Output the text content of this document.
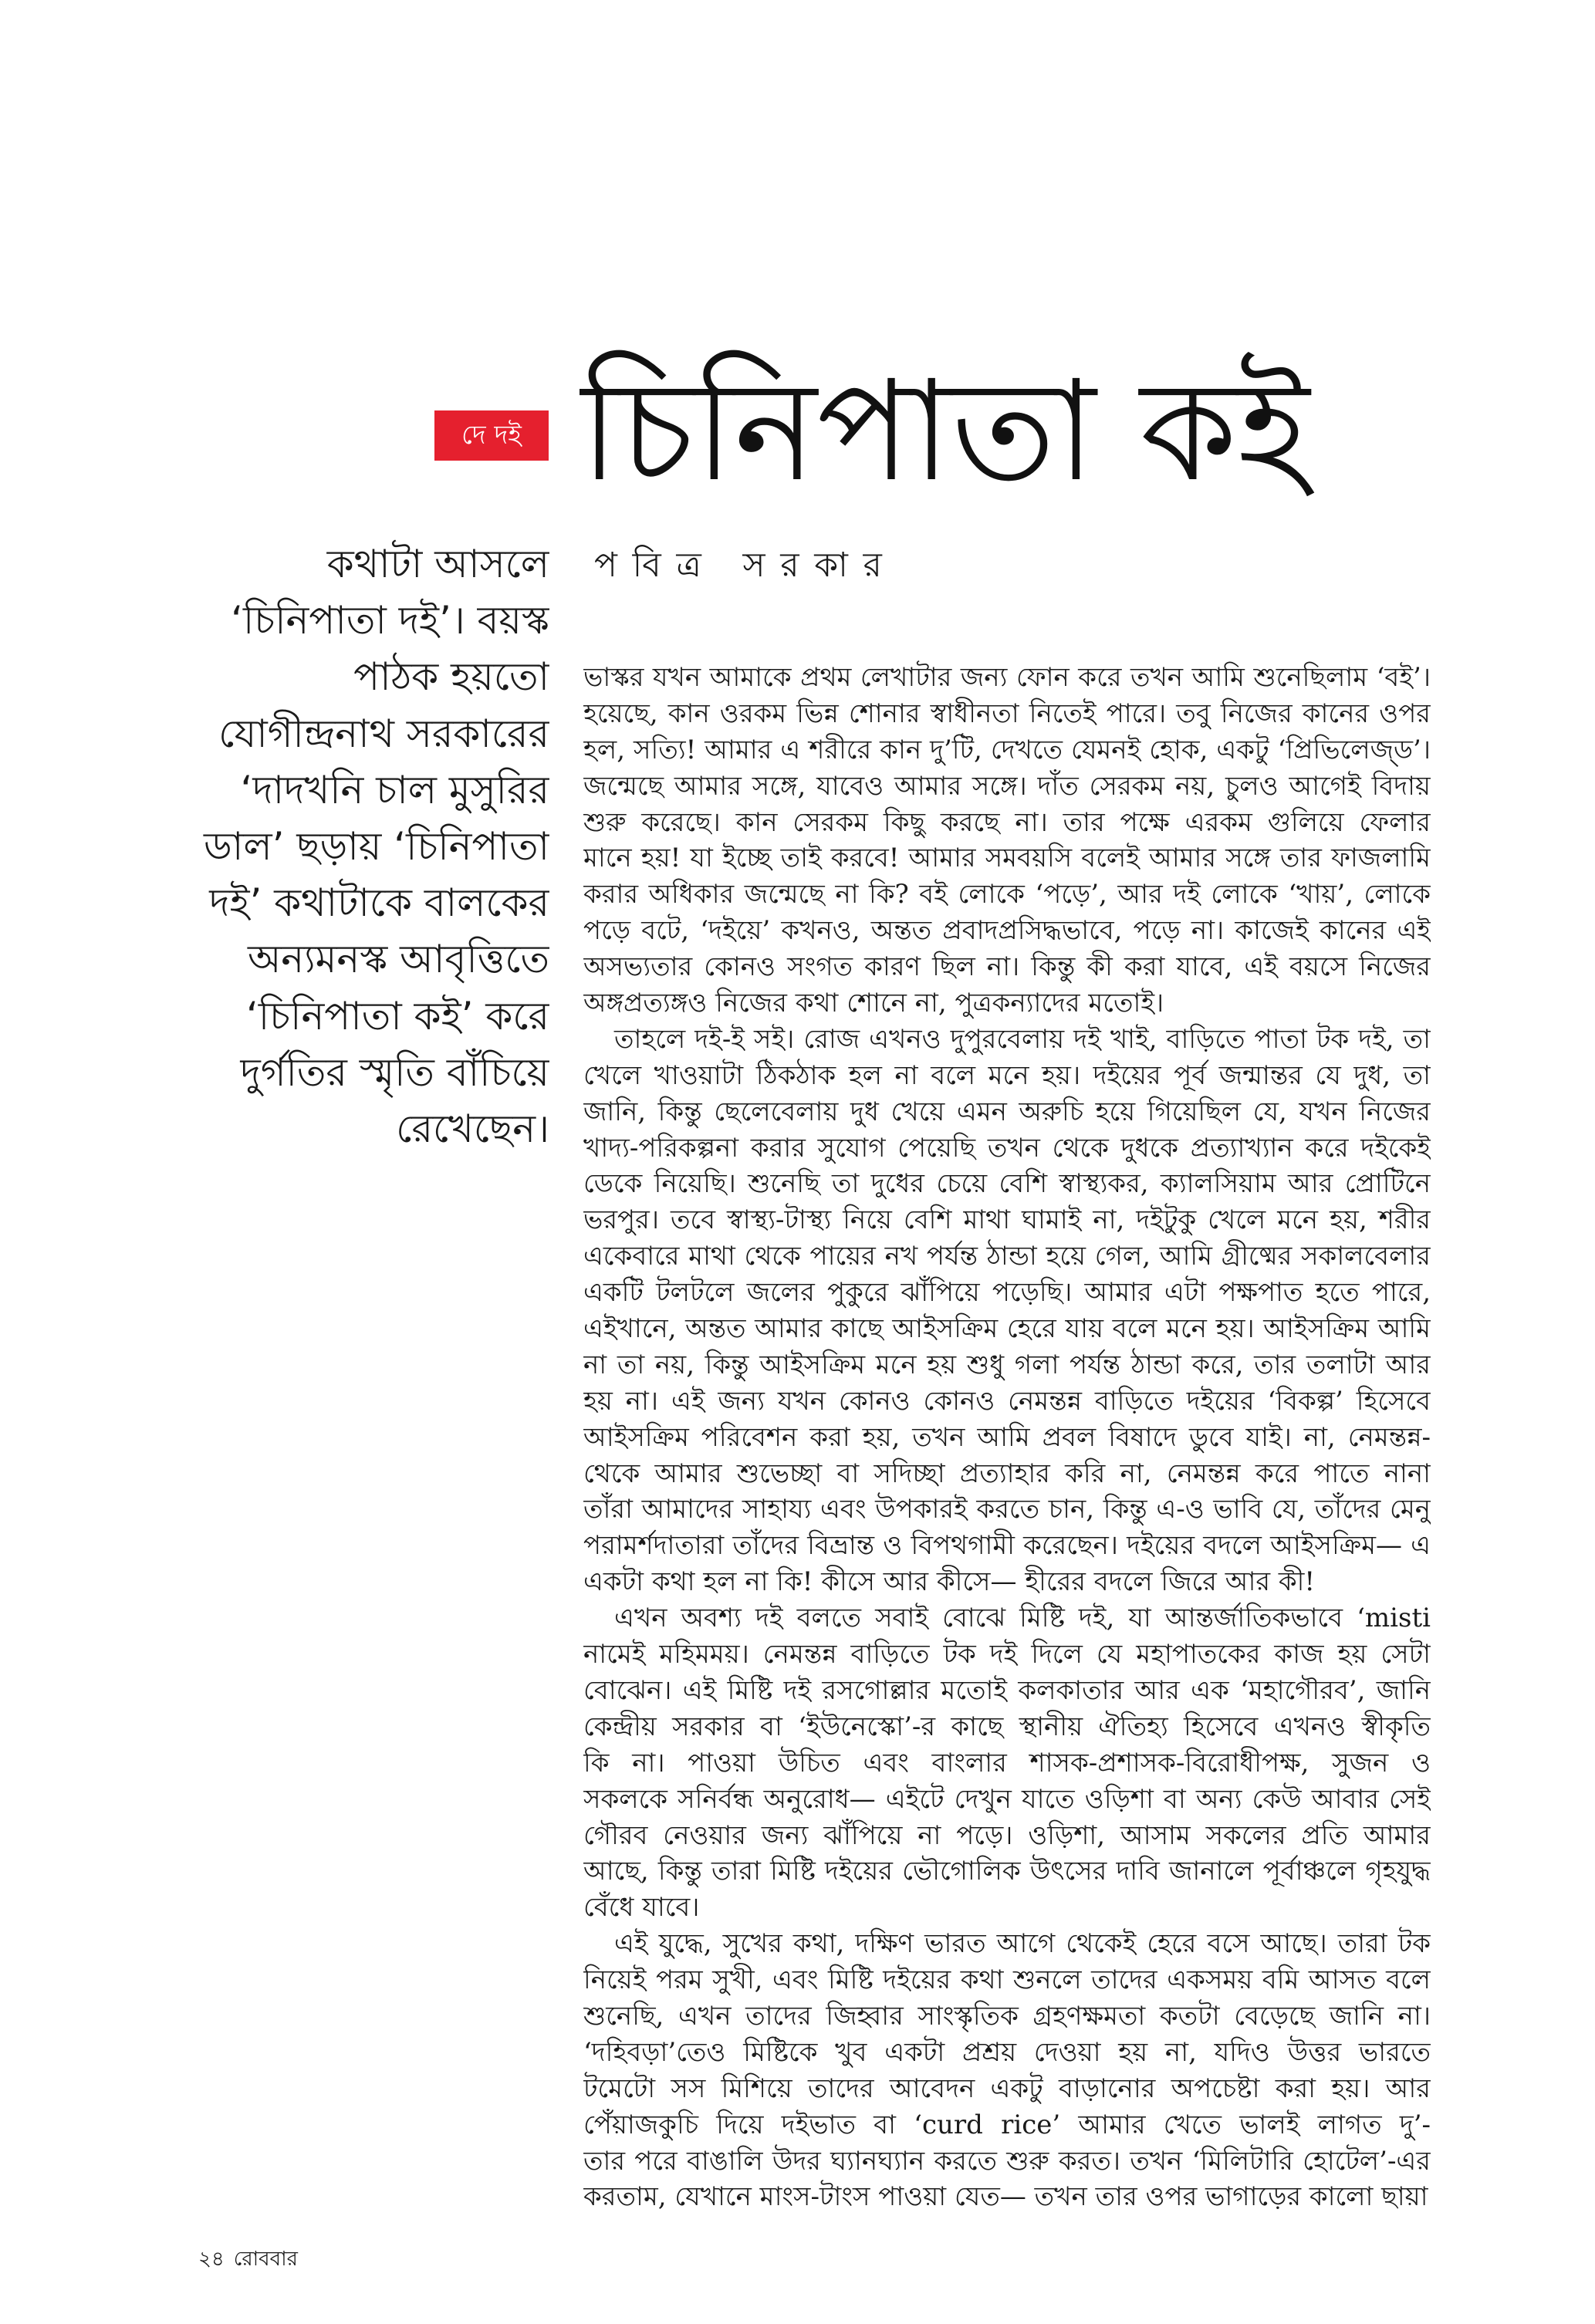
দে দই চিনিপাতা কই
পবিত্র সরকার
কথাটা আসলে
‘চিনিপাতা দই’। বয়স্ক
পাঠক হয়তো
যোগীন্দ্রনাথ সরকারের
‘দাদখনি চাল মুসুরির
ডাল’ ছড়ায় ‘চিনিপাতা
দই’ কথাটাকে বালকের
অন্যমনস্ক আবৃত্তিতে
‘চিনিপাতা কই’ করে
দুর্গতির স্মৃতি বাঁচিয়ে
রেখেছেন।
ভাস্কর যখন আমাকে প্রথম লেখাটার জন্য ফোন করে তখন আমি শুনেছিলাম ‘বই’।
হয়েছে, কান ওরকম ভিন্ন শোনার স্বাধীনতা নিতেই পারে। তবু নিজের কানের ওপর
হল, সত্যি! আমার এ শরীরে কান দু’টি, দেখতে যেমনই হোক, একটু ‘প্রিভিলেজ্‌ড’।
জন্মেছে আমার সঙ্গে, যাবেও আমার সঙ্গে। দাঁত সেরকম নয়, চুলও আগেই বিদায়
শুরু করেছে। কান সেরকম কিছু করছে না। তার পক্ষে এরকম গুলিয়ে ফেলার
মানে হয়! যা ইচ্ছে তাই করবে! আমার সমবয়সি বলেই আমার সঙ্গে তার ফাজলামি
করার অধিকার জন্মেছে না কি? বই লোকে ‘পড়ে’, আর দই লোকে ‘খায়’, লোকে
পড়ে বটে, ‘দইয়ে’ কখনও, অন্তত প্রবাদপ্রসিদ্ধভাবে, পড়ে না। কাজেই কানের এই
অসভ্যতার কোনও সংগত কারণ ছিল না। কিন্তু কী করা যাবে, এই বয়সে নিজের
অঙ্গপ্রত্যঙ্গও নিজের কথা শোনে না, পুত্রকন্যাদের মতোই।
তাহলে দই-ই সই। রোজ এখনও দুপুরবেলায় দই খাই, বাড়িতে পাতা টক দই, তা
খেলে খাওয়াটা ঠিকঠাক হল না বলে মনে হয়। দইয়ের পূর্ব জন্মান্তর যে দুধ, তা
জানি, কিন্তু ছেলেবেলায় দুধ খেয়ে এমন অরুচি হয়ে গিয়েছিল যে, যখন নিজের
খাদ্য-পরিকল্পনা করার সুযোগ পেয়েছি তখন থেকে দুধকে প্রত্যাখ্যান করে দইকেই
ডেকে নিয়েছি। শুনেছি তা দুধের চেয়ে বেশি স্বাস্থ্যকর, ক্যালসিয়াম আর প্রোটিনে
ভরপুর। তবে স্বাস্থ্য-টাস্থ্য নিয়ে বেশি মাথা ঘামাই না, দইটুকু খেলে মনে হয়, শরীর
একেবারে মাথা থেকে পায়ের নখ পর্যন্ত ঠান্ডা হয়ে গেল, আমি গ্রীষ্মের সকালবেলার
একটি টলটলে জলের পুকুরে ঝাঁপিয়ে পড়েছি। আমার এটা পক্ষপাত হতে পারে,
এইখানে, অন্তত আমার কাছে আইসক্রিম হেরে যায় বলে মনে হয়। আইসক্রিম আমি
না তা নয়, কিন্তু আইসক্রিম মনে হয় শুধু গলা পর্যন্ত ঠান্ডা করে, তার তলাটা আর
হয় না। এই জন্য যখন কোনও কোনও নেমন্তন্ন বাড়িতে দইয়ের ‘বিকল্প’ হিসেবে
আইসক্রিম পরিবেশন করা হয়, তখন আমি প্রবল বিষাদে ডুবে যাই। না, নেমন্তন্ন-
থেকে আমার শুভেচ্ছা বা সদিচ্ছা প্রত্যাহার করি না, নেমন্তন্ন করে পাতে নানা
তাঁরা আমাদের সাহায্য এবং উপকারই করতে চান, কিন্তু এ-ও ভাবি যে, তাঁদের মেনু
পরামর্শদাতারা তাঁদের বিভ্রান্ত ও বিপথগামী করেছেন। দইয়ের বদলে আইসক্রিম— এ
একটা কথা হল না কি! কীসে আর কীসে— হীরের বদলে জিরে আর কী!
এখন অবশ্য দই বলতে সবাই বোঝে মিষ্টি দই, যা আন্তর্জাতিকভাবে ‘misti
নামেই মহিমময়। নেমন্তন্ন বাড়িতে টক দই দিলে যে মহাপাতকের কাজ হয় সেটা
বোঝেন। এই মিষ্টি দই রসগোল্লার মতোই কলকাতার আর এক ‘মহাগৌরব’, জানি
কেন্দ্রীয় সরকার বা ‘ইউনেস্কো’-র কাছে স্থানীয় ঐতিহ্য হিসেবে এখনও স্বীকৃতি
কি না। পাওয়া উচিত এবং বাংলার শাসক-প্রশাসক-বিরোধীপক্ষ, সুজন ও
সকলকে সনির্বন্ধ অনুরোধ— এইটে দেখুন যাতে ওড়িশা বা অন্য কেউ আবার সেই
গৌরব নেওয়ার জন্য ঝাঁপিয়ে না পড়ে। ওড়িশা, আসাম সকলের প্রতি আমার
আছে, কিন্তু তারা মিষ্টি দইয়ের ভৌগোলিক উৎসের দাবি জানালে পূর্বাঞ্চলে গৃহযুদ্ধ
বেঁধে যাবে।
এই যুদ্ধে, সুখের কথা, দক্ষিণ ভারত আগে থেকেই হেরে বসে আছে। তারা টক
নিয়েই পরম সুখী, এবং মিষ্টি দইয়ের কথা শুনলে তাদের একসময় বমি আসত বলে
শুনেছি, এখন তাদের জিহ্বার সাংস্কৃতিক গ্রহণক্ষমতা কতটা বেড়েছে জানি না।
‘দহিবড়া’তেও মিষ্টিকে খুব একটা প্রশ্রয় দেওয়া হয় না, যদিও উত্তর ভারতে
টমেটো সস মিশিয়ে তাদের আবেদন একটু বাড়ানোর অপচেষ্টা করা হয়। আর
পেঁয়াজকুচি দিয়ে দইভাত বা ‘curd rice’ আমার খেতে ভালই লাগত দু’-
তার পরে বাঙালি উদর ঘ্যানঘ্যান করতে শুরু করত। তখন ‘মিলিটারি হোটেল’-এর
করতাম, যেখানে মাংস-টাংস পাওয়া যেত— তখন তার ওপর ভাগাড়ের কালো ছায়া
২৪ রোববার
